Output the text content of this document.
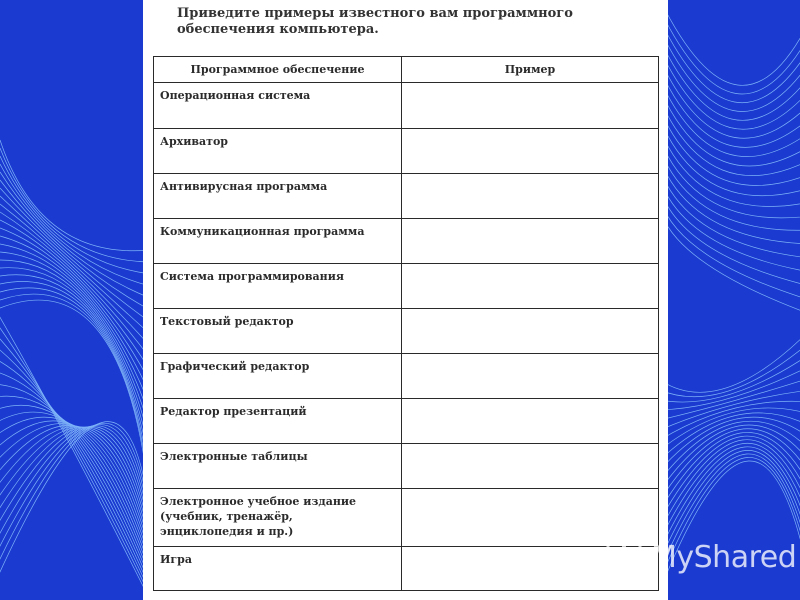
Приведите примеры известного вам программного обеспечения компьютера.

Программное обеспечение	Пример
Операционная система	
Архиватор	
Антивирусная программа	
Коммуникационная программа	
Система программирования	
Текстовый редактор	
Графический редактор	
Редактор презентаций	
Электронные таблицы	
Электронное учебное издание
(учебник, тренажёр,
энциклопедия и пр.)	
Игра		MyShared
